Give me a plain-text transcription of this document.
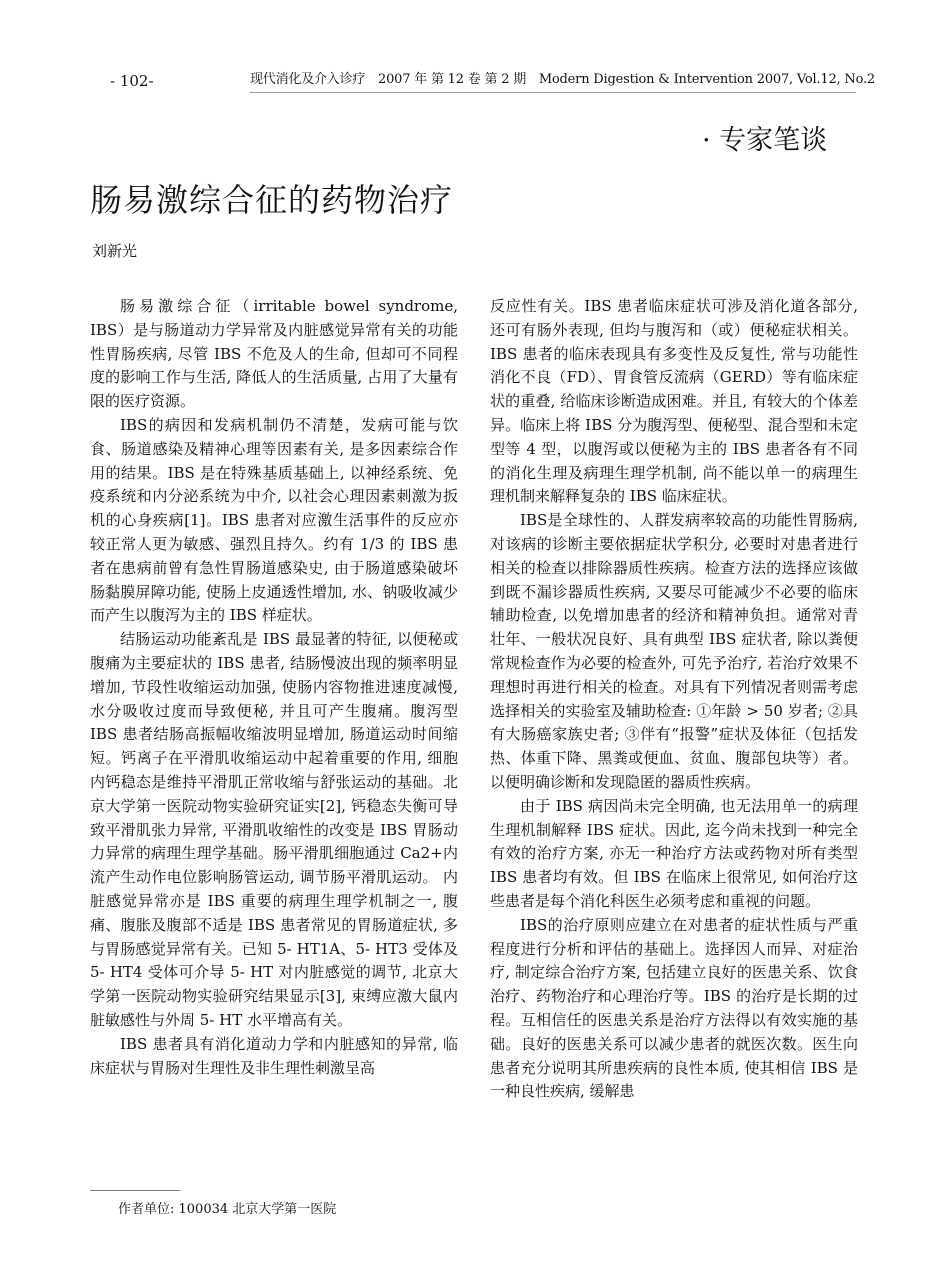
- 102-	现代消化及介入诊疗　2007 年 第 12 卷 第 2 期　Modern Digestion & Intervention 2007, Vol.12, No.2
· 专家笔谈
肠易激综合征的药物治疗
刘新光

肠易激综合征（irritable bowel syndrome, IBS）是与肠道动力学异常及内脏感觉异常有关的功能性胃肠疾病, 尽管 IBS 不危及人的生命, 但却可不同程度的影响工作与生活, 降低人的生活质量, 占用了大量有限的医疗资源。

IBS的病因和发病机制仍不清楚，发病可能与饮食、肠道感染及精神心理等因素有关, 是多因素综合作用的结果。IBS 是在特殊基质基础上, 以神经系统、免疫系统和内分泌系统为中介, 以社会心理因素刺激为扳机的心身疾病[1]。IBS 患者对应激生活事件的反应亦较正常人更为敏感、强烈且持久。约有 1/3 的 IBS 患者在患病前曾有急性胃肠道感染史, 由于肠道感染破坏肠黏膜屏障功能, 使肠上皮通透性增加, 水、钠吸收减少而产生以腹泻为主的 IBS 样症状。

结肠运动功能紊乱是 IBS 最显著的特征, 以便秘或腹痛为主要症状的 IBS 患者, 结肠慢波出现的频率明显增加, 节段性收缩运动加强, 使肠内容物推进速度减慢, 水分吸收过度而导致便秘, 并且可产生腹痛。腹泻型 IBS 患者结肠高振幅收缩波明显增加, 肠道运动时间缩短。钙离子在平滑肌收缩运动中起着重要的作用, 细胞内钙稳态是维持平滑肌正常收缩与舒张运动的基础。北京大学第一医院动物实验研究证实[2], 钙稳态失衡可导致平滑肌张力异常, 平滑肌收缩性的改变是 IBS 胃肠动力异常的病理生理学基础。肠平滑肌细胞通过 Ca2+内流产生动作电位影响肠管运动, 调节肠平滑肌运动。 内脏感觉异常亦是 IBS 重要的病理生理学机制之一, 腹痛、腹胀及腹部不适是 IBS 患者常见的胃肠道症状, 多与胃肠感觉异常有关。已知 5- HT1A、5- HT3 受体及 5- HT4 受体可介导 5- HT 对内脏感觉的调节, 北京大学第一医院动物实验研究结果显示[3], 束缚应激大鼠内脏敏感性与外周 5- HT 水平增高有关。

IBS 患者具有消化道动力学和内脏感知的异常, 临床症状与胃肠对生理性及非生理性刺激呈高

反应性有关。IBS 患者临床症状可涉及消化道各部分, 还可有肠外表现, 但均与腹泻和（或）便秘症状相关。IBS 患者的临床表现具有多变性及反复性, 常与功能性消化不良（FD）、胃食管反流病（GERD）等有临床症状的重叠, 给临床诊断造成困难。并且, 有较大的个体差异。临床上将 IBS 分为腹泻型、便秘型、混合型和未定型等 4 型，以腹泻或以便秘为主的 IBS 患者各有不同的消化生理及病理生理学机制, 尚不能以单一的病理生理机制来解释复杂的 IBS 临床症状。

IBS是全球性的、人群发病率较高的功能性胃肠病, 对该病的诊断主要依据症状学积分, 必要时对患者进行相关的检查以排除器质性疾病。检查方法的选择应该做到既不漏诊器质性疾病, 又要尽可能减少不必要的临床辅助检查, 以免增加患者的经济和精神负担。通常对青壮年、一般状况良好、具有典型 IBS 症状者, 除以粪便常规检查作为必要的检查外, 可先予治疗, 若治疗效果不理想时再进行相关的检查。对具有下列情况者则需考虑选择相关的实验室及辅助检查: ①年龄 > 50 岁者; ②具有大肠癌家族史者; ③伴有“报警”症状及体征（包括发热、体重下降、黑粪或便血、贫血、腹部包块等）者。以便明确诊断和发现隐匿的器质性疾病。

由于 IBS 病因尚未完全明确, 也无法用单一的病理生理机制解释 IBS 症状。因此, 迄今尚未找到一种完全有效的治疗方案, 亦无一种治疗方法或药物对所有类型 IBS 患者均有效。但 IBS 在临床上很常见, 如何治疗这些患者是每个消化科医生必须考虑和重视的问题。

IBS的治疗原则应建立在对患者的症状性质与严重程度进行分析和评估的基础上。选择因人而异、对症治疗, 制定综合治疗方案, 包括建立良好的医患关系、饮食治疗、药物治疗和心理治疗等。IBS 的治疗是长期的过程。互相信任的医患关系是治疗方法得以有效实施的基础。良好的医患关系可以减少患者的就医次数。医生向患者充分说明其所患疾病的良性本质, 使其相信 IBS 是一种良性疾病, 缓解患

作者单位: 100034 北京大学第一医院
